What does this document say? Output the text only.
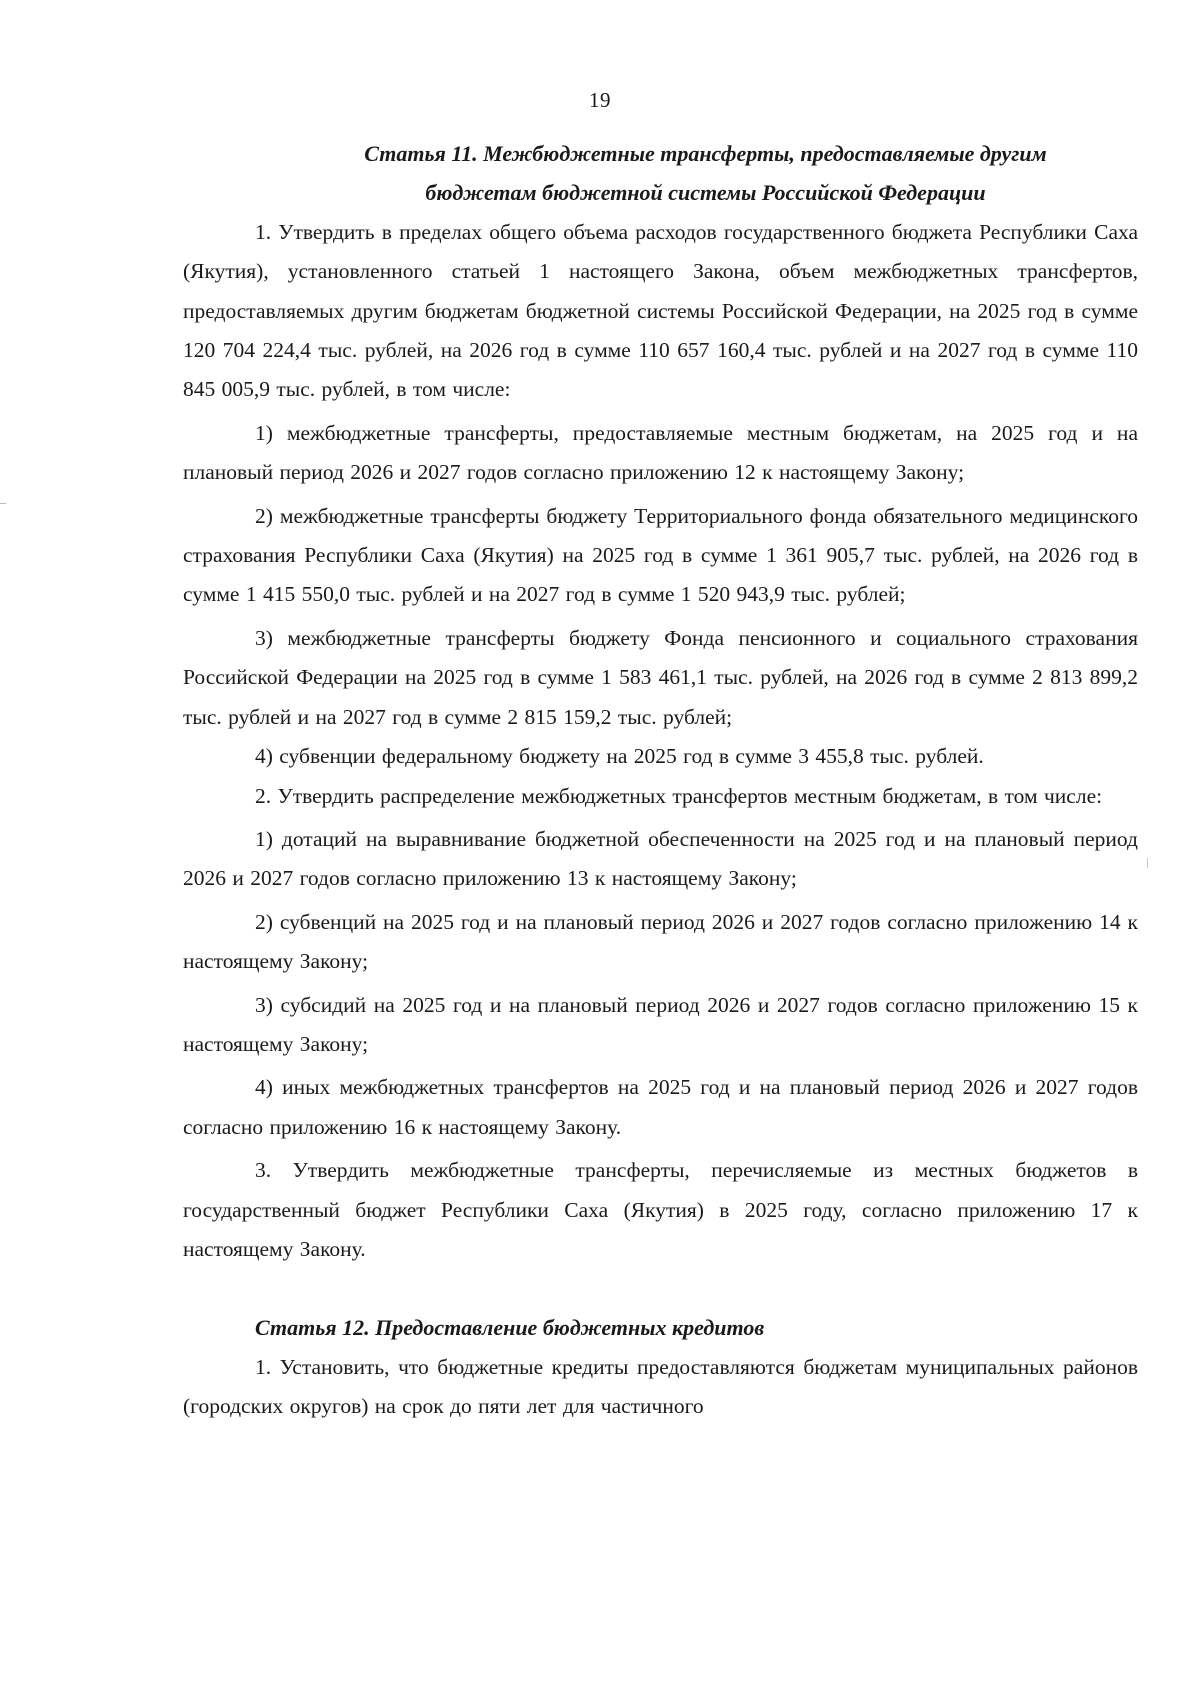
19
Статья 11. Межбюджетные трансферты, предоставляемые другим
бюджетам бюджетной системы Российской Федерации

1. Утвердить в пределах общего объема расходов государственного бюджета Республики Саха (Якутия), установленного статьей 1 настоящего Закона, объем межбюджетных трансфертов, предоставляемых другим бюджетам бюджетной системы Российской Федерации, на 2025 год в сумме 120 704 224,4 тыс. рублей, на 2026 год в сумме 110 657 160,4 тыс. рублей и на 2027 год в сумме 110 845 005,9 тыс. рублей, в том числе:

1) межбюджетные трансферты, предоставляемые местным бюджетам, на 2025 год и на плановый период 2026 и 2027 годов согласно приложению 12 к настоящему Закону;

2) межбюджетные трансферты бюджету Территориального фонда обязательного медицинского страхования Республики Саха (Якутия) на 2025 год в сумме 1 361 905,7 тыс. рублей, на 2026 год в сумме 1 415 550,0 тыс. рублей и на 2027 год в сумме 1 520 943,9 тыс. рублей;

3) межбюджетные трансферты бюджету Фонда пенсионного и социального страхования Российской Федерации на 2025 год в сумме 1 583 461,1 тыс. рублей, на 2026 год в сумме 2 813 899,2 тыс. рублей и на 2027 год в сумме 2 815 159,2 тыс. рублей;

4) субвенции федеральному бюджету на 2025 год в сумме 3 455,8 тыс. рублей.

2. Утвердить распределение межбюджетных трансфертов местным бюджетам, в том числе:

1) дотаций на выравнивание бюджетной обеспеченности на 2025 год и на плановый период 2026 и 2027 годов согласно приложению 13 к настоящему Закону;

2) субвенций на 2025 год и на плановый период 2026 и 2027 годов согласно приложению 14 к настоящему Закону;

3) субсидий на 2025 год и на плановый период 2026 и 2027 годов согласно приложению 15 к настоящему Закону;

4) иных межбюджетных трансфертов на 2025 год и на плановый период 2026 и 2027 годов согласно приложению 16 к настоящему Закону.

3. Утвердить межбюджетные трансферты, перечисляемые из местных бюджетов в государственный бюджет Республики Саха (Якутия) в 2025 году, согласно приложению 17 к настоящему Закону.

Статья 12. Предоставление бюджетных кредитов

1. Установить, что бюджетные кредиты предоставляются бюджетам муниципальных районов (городских округов) на срок до пяти лет для частичного
